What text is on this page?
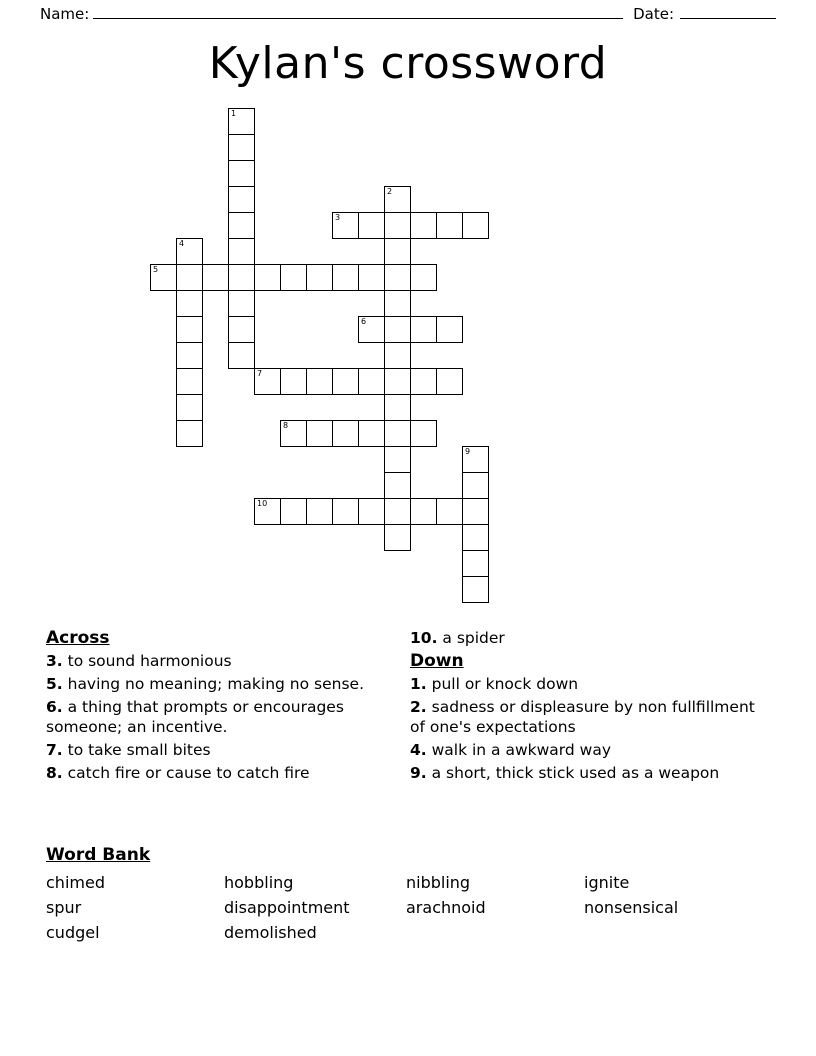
Name:	Date:
Kylan's crossword
1
2
3
4
5
6
7
8
9
10
Across
3. to sound harmonious
5. having no meaning; making no sense.
6. a thing that prompts or encourages someone; an incentive.
7. to take small bites
8. catch fire or cause to catch fire
10. a spider
Down
1. pull or knock down
2. sadness or displeasure by non fullfillment of one's expectations
4. walk in a awkward way
9. a short, thick stick used as a weapon
Word Bank
chimed	hobbling	nibbling	ignite
spur	disappointment	arachnoid	nonsensical
cudgel	demolished
